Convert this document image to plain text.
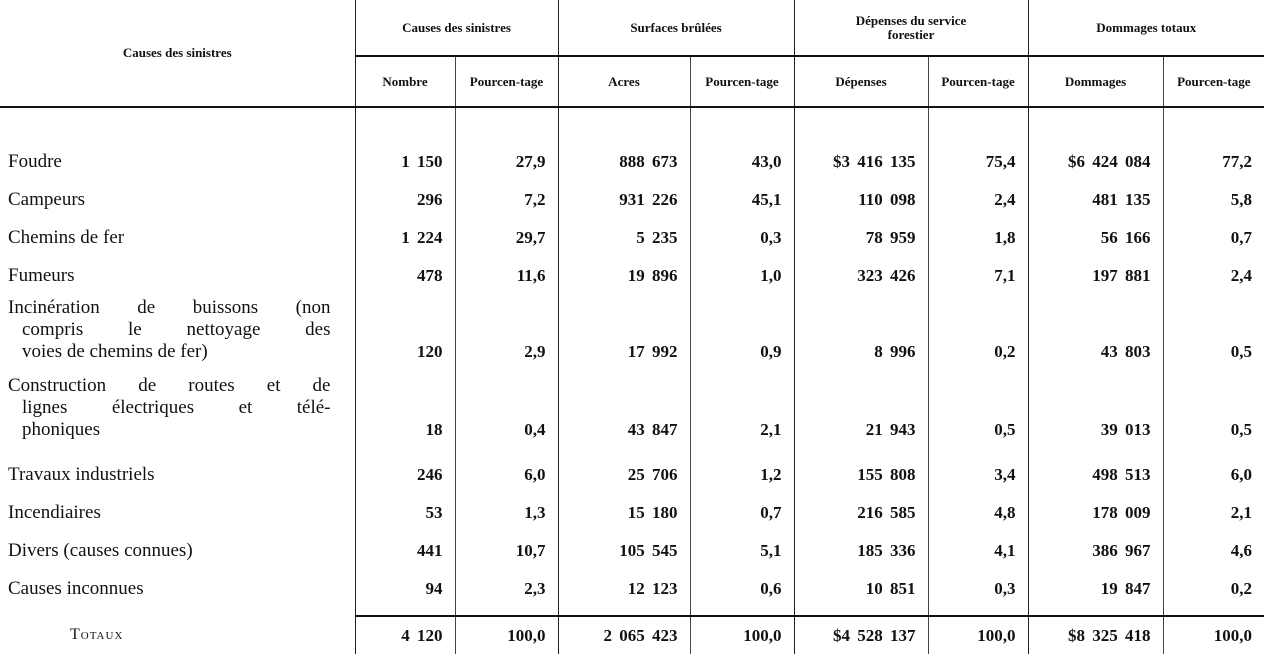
Causes des sinistres	Causes des sinistres		Surfaces brûlées		Dépenses du service forestier		Dommages totaux	
	Nombre	Pourcen-tage	Acres	Pourcen-tage	Dépenses	Pourcen-tage	Dommages	Pourcen-tage

Foudre	1 150	27,9	888 673	43,0	$3 416 135	75,4	$6 424 084	77,2
Campeurs	296	7,2	931 226	45,1	110 098	2,4	481 135	5,8
Chemins de fer	1 224	29,7	5 235	0,3	78 959	1,8	56 166	0,7
Fumeurs	478	11,6	19 896	1,0	323 426	7,1	197 881	2,4

Incinération de buissons (non
compris le nettoyage des
voies de chemins de fer)	120	2,9	17 992	0,9	8 996	0,2	43 803	0,5

Construction de routes et de
lignes électriques et télé-
phoniques	18	0,4	43 847	2,1	21 943	0,5	39 013	0,5
Travaux industriels	246	6,0	25 706	1,2	155 808	3,4	498 513	6,0
Incendiaires	53	1,3	15 180	0,7	216 585	4,8	178 009	2,1
Divers (causes connues)	441	10,7	105 545	5,1	185 336	4,1	386 967	4,6
Causes inconnues	94	2,3	12 123	0,6	10 851	0,3	19 847	0,2

Totaux	4 120	100,0	2 065 423	100,0	$4 528 137	100,0	$8 325 418	100,0
